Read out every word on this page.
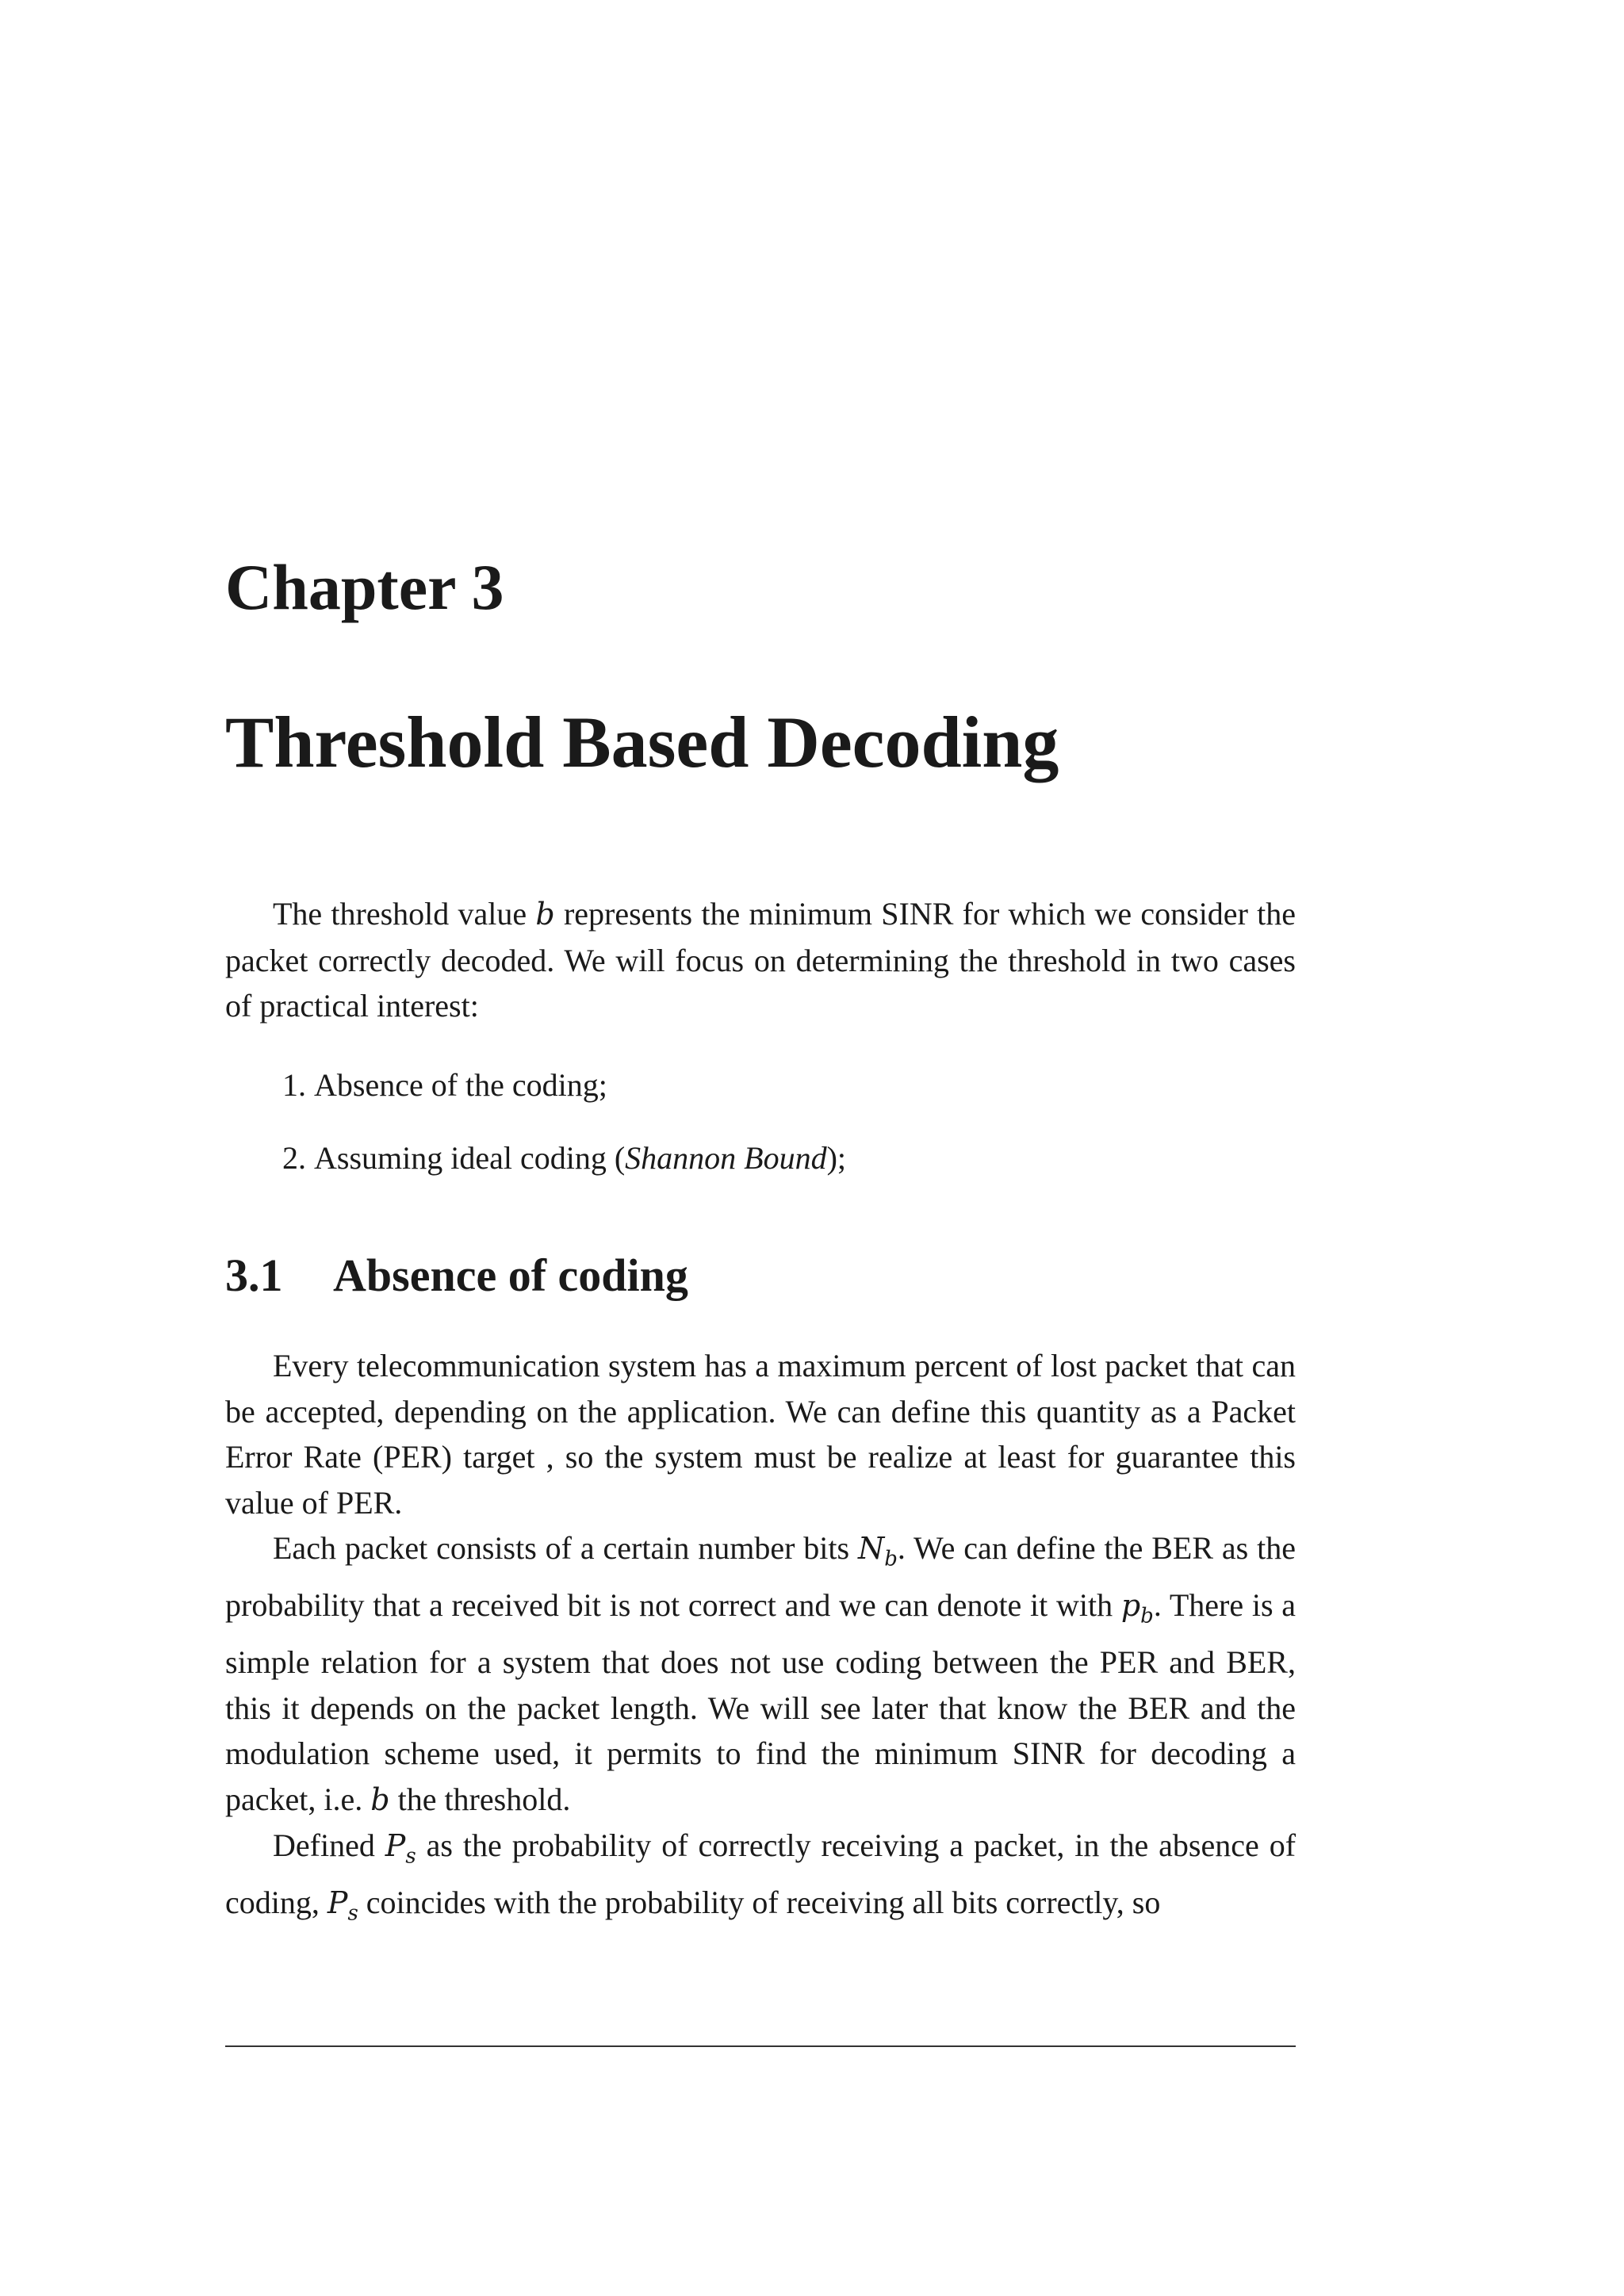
Chapter 3
Threshold Based Decoding

The threshold value b represents the minimum SINR for which we consider the packet correctly decoded. We will focus on determining the threshold in two cases of practical interest:

1. Absence of the coding;
2. Assuming ideal coding (Shannon Bound);
3.1	Absence of coding

Every telecommunication system has a maximum percent of lost packet that can be accepted, depending on the application. We can define this quantity as a Packet Error Rate (PER) target , so the system must be realize at least for guarantee this value of PER.

Each packet consists of a certain number bits $N_b$. We can define the BER as the probability that a received bit is not correct and we can denote it with $p_b$. There is a simple relation for a system that does not use coding between the PER and BER, this it depends on the packet length. We will see later that know the BER and the modulation scheme used, it permits to find the minimum SINR for decoding a packet, i.e. b the threshold.

Defined $P_s$ as the probability of correctly receiving a packet, in the absence of coding, $P_s$ coincides with the probability of receiving all bits correctly, so
